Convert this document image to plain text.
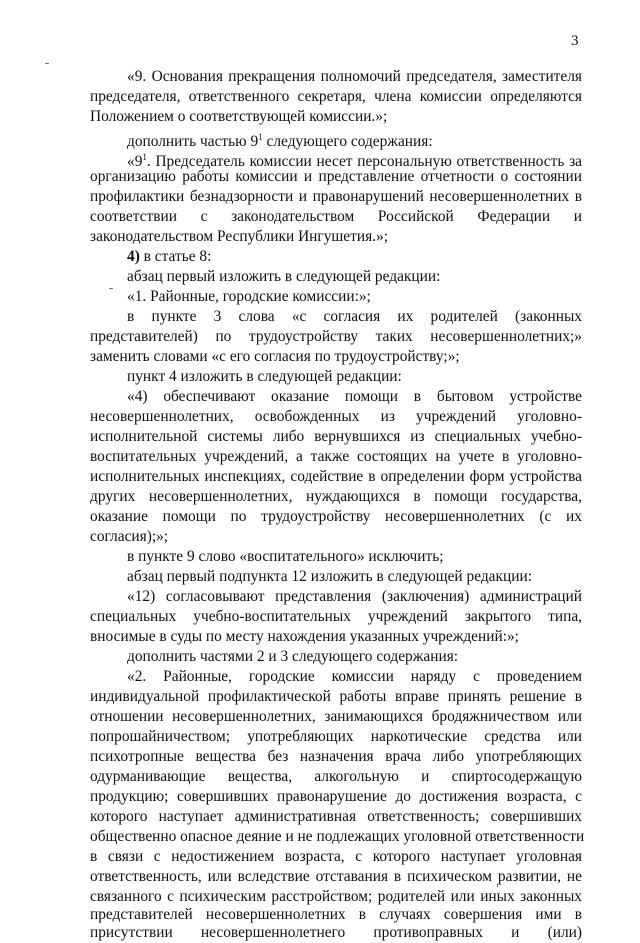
3
«9. Основания прекращения полномочий председателя, заместителя
председателя, ответственного секретаря, члена комиссии определяются
Положением о соответствующей комиссии.»;
дополнить частью $9^1$ следующего содержания:
«$9^1$. Председатель комиссии несет персональную ответственность за
организацию работы комиссии и представление отчетности о состоянии
профилактики безнадзорности и правонарушений несовершеннолетних в
соответствии с законодательством Российской Федерации и
законодательством Республики Ингушетия.»;
4) в статье 8:
абзац первый изложить в следующей редакции:
«1. Районные, городские комиссии:»;
в пункте 3 слова «с согласия их родителей (законных
представителей) по трудоустройству таких несовершеннолетних;»
заменить словами «с его согласия по трудоустройству;»;
пункт 4 изложить в следующей редакции:
«4) обеспечивают оказание помощи в бытовом устройстве
несовершеннолетних, освобожденных из учреждений уголовно-
исполнительной системы либо вернувшихся из специальных учебно-
воспитательных учреждений, а также состоящих на учете в уголовно-
исполнительных инспекциях, содействие в определении форм устройства
других несовершеннолетних, нуждающихся в помощи государства,
оказание помощи по трудоустройству несовершеннолетних (с их
согласия);»;
в пункте 9 слово «воспитательного» исключить;
абзац первый подпункта 12 изложить в следующей редакции:
«12) согласовывают представления (заключения) администраций
специальных учебно-воспитательных учреждений закрытого типа,
вносимые в суды по месту нахождения указанных учреждений:»;
дополнить частями 2 и 3 следующего содержания:
«2. Районные, городские комиссии наряду с проведением
индивидуальной профилактической работы вправе принять решение в
отношении несовершеннолетних, занимающихся бродяжничеством или
попрошайничеством; употребляющих наркотические средства или
психотропные вещества без назначения врача либо употребляющих
одурманивающие вещества, алкогольную и спиртосодержащую
продукцию; совершивших правонарушение до достижения возраста, с
которого наступает административная ответственность; совершивших
общественно опасное деяние и не подлежащих уголовной ответственности
в связи с недостижением возраста, с которого наступает уголовная
ответственность, или вследствие отставания в психическом развитии, не
связанного с психическим расстройством; родителей или иных законных
представителей несовершеннолетних в случаях совершения ими в
присутствии несовершеннолетнего противоправных и (или)
